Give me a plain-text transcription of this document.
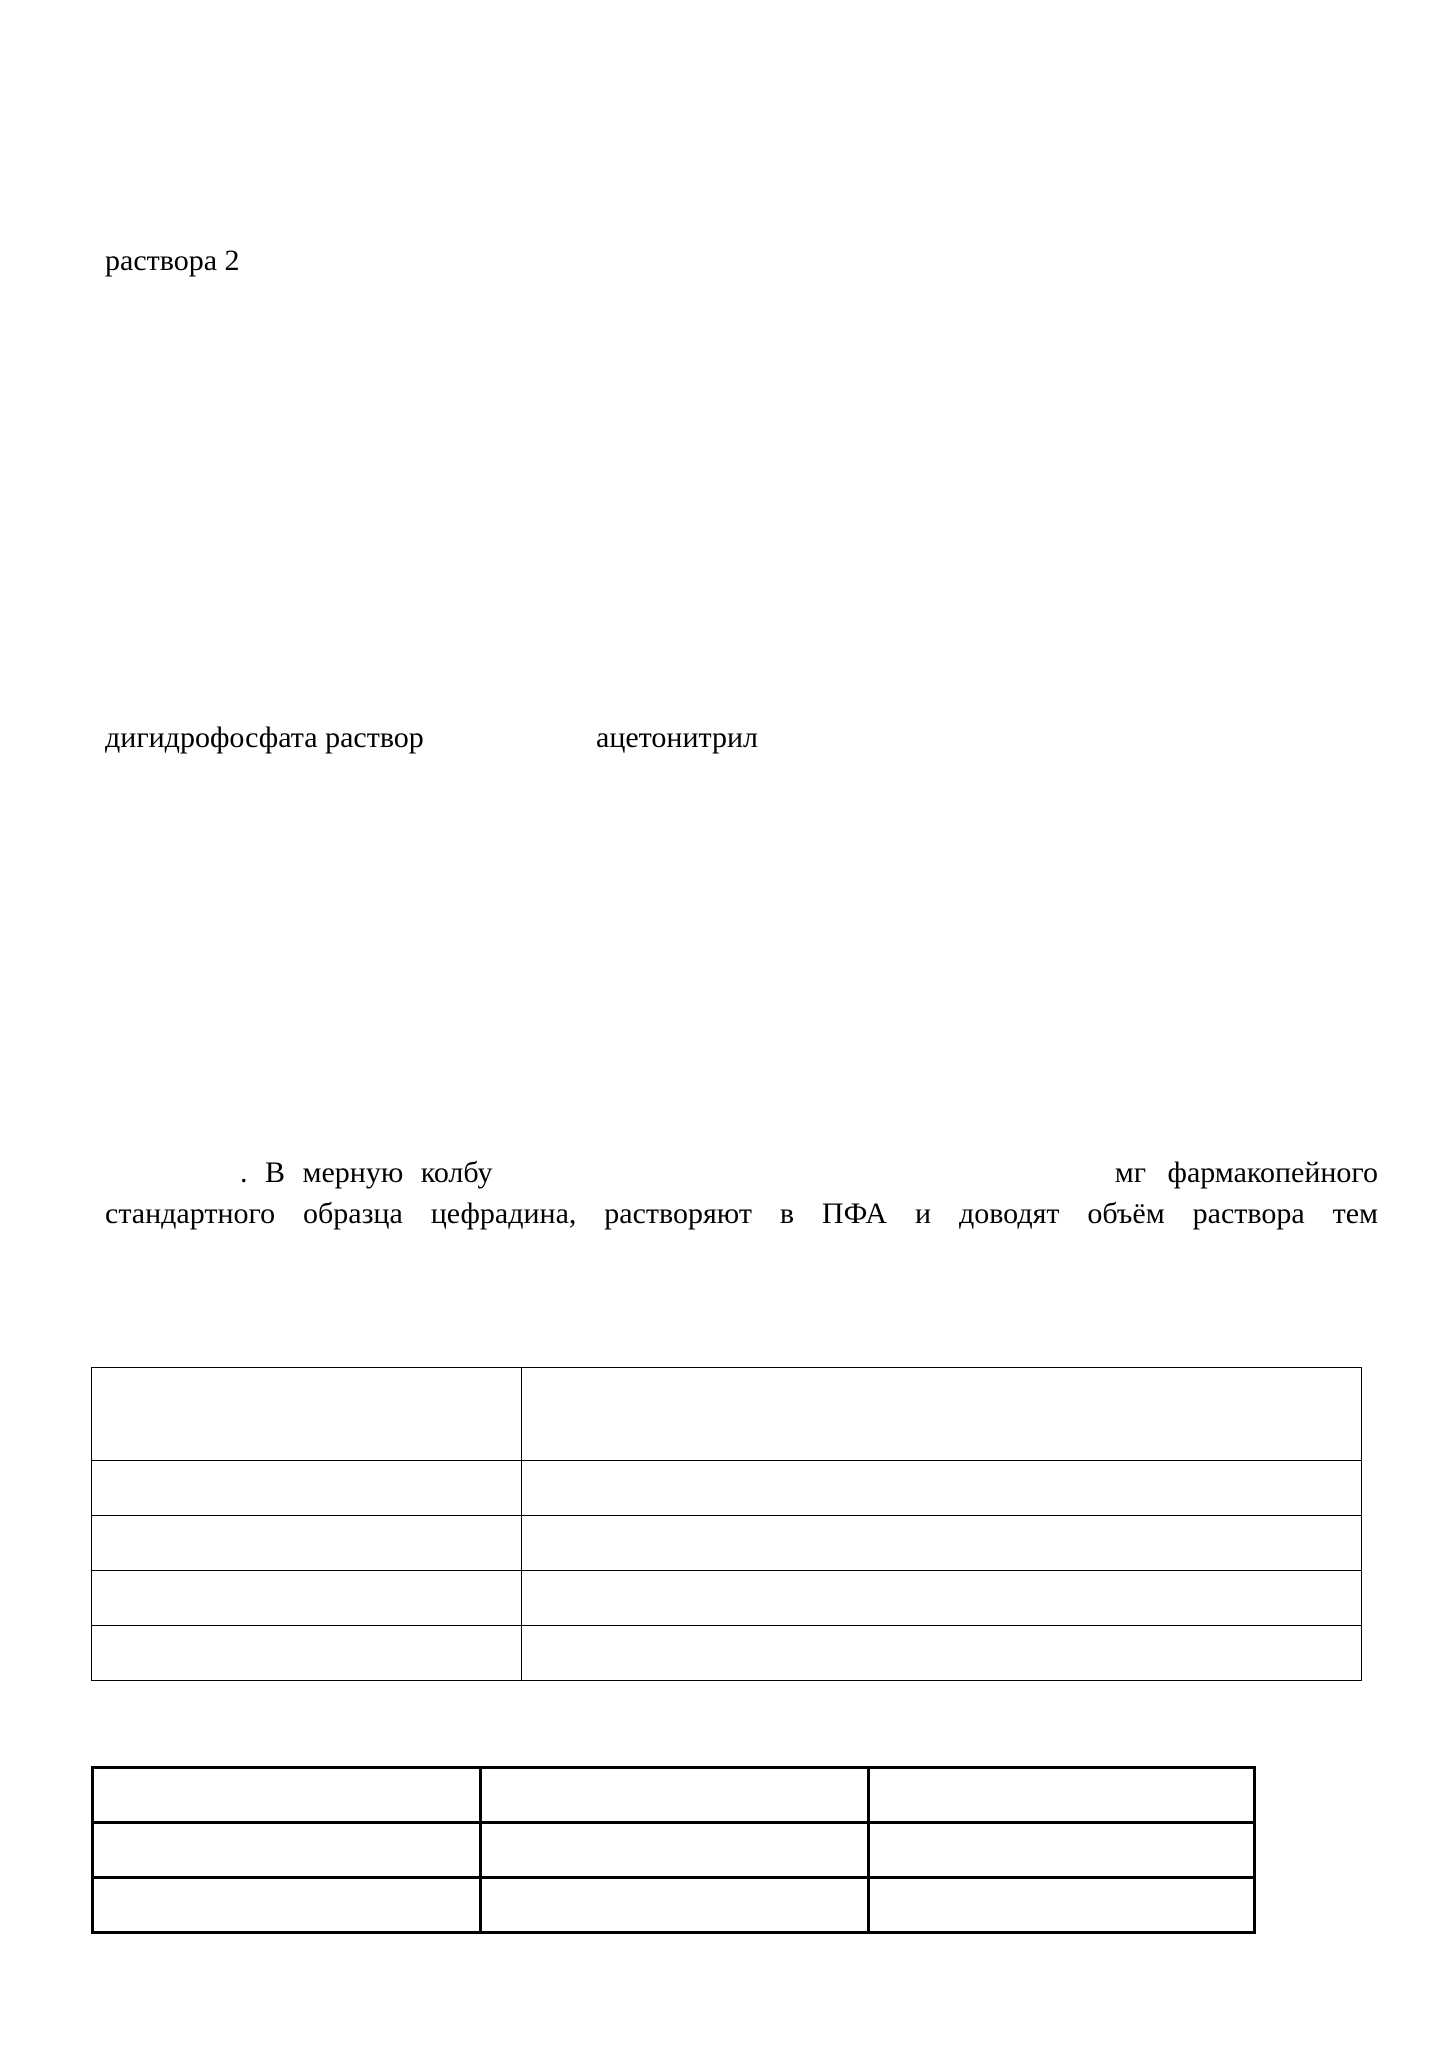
раствора 2
дигидрофосфата раствор	ацетонитрил
. В мерную колбу	мг фармакопейного
стандартного образца цефрадина, растворяют в ПФА и доводят объём раствора тем
